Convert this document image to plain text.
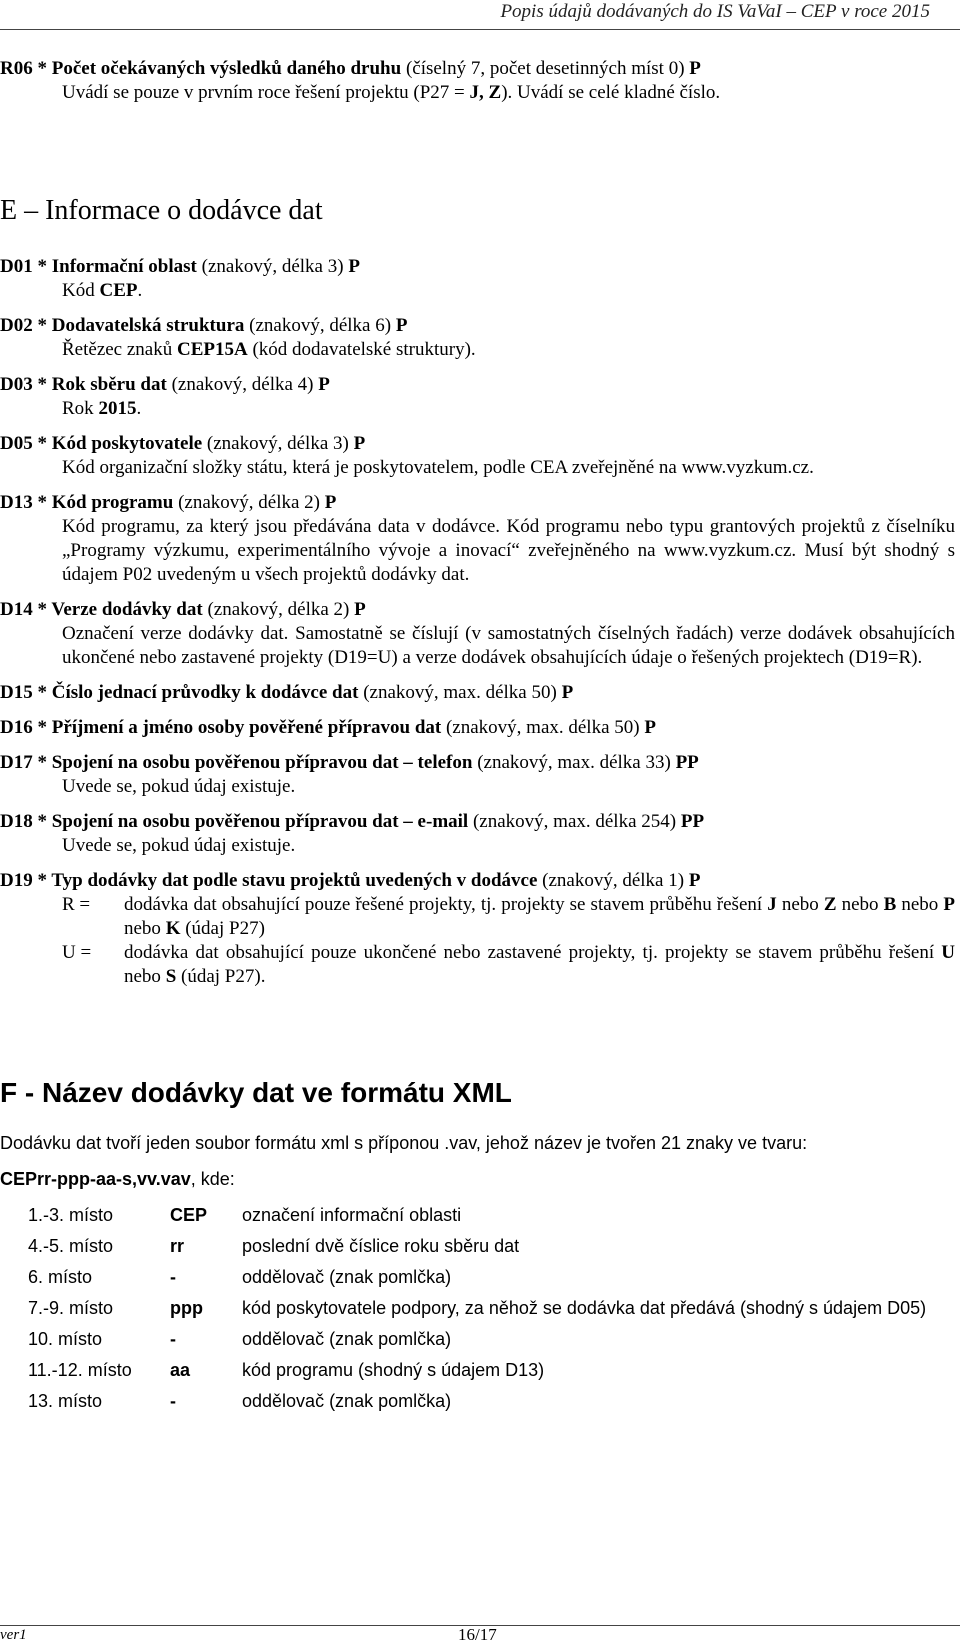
Popis údajů dodávaných do IS VaVaI – CEP v roce 2015

R06 * Počet očekávaných výsledků daného druhu (číselný 7, počet desetinných míst 0) P

Uvádí se pouze v prvním roce řešení projektu (P27 = J, Z). Uvádí se celé kladné číslo.

E – Informace o dodávce dat

D01 * Informační oblast (znakový, délka 3) P

Kód CEP.

D02 * Dodavatelská struktura (znakový, délka 6) P

Řetězec znaků CEP15A (kód dodavatelské struktury).

D03 * Rok sběru dat (znakový, délka 4) P

Rok 2015.

D05 * Kód poskytovatele (znakový, délka 3) P

Kód organizační složky státu, která je poskytovatelem, podle CEA zveřejněné na www.vyzkum.cz.

D13 * Kód programu (znakový, délka 2) P

Kód programu, za který jsou předávána data v dodávce. Kód programu nebo typu grantových projektů z číselníku „Programy výzkumu, experimentálního vývoje a inovací“ zveřejněného na www.vyzkum.cz. Musí být shodný s údajem P02 uvedeným u všech projektů dodávky dat.

D14 * Verze dodávky dat (znakový, délka 2) P

Označení verze dodávky dat. Samostatně se číslují (v samostatných číselných řadách) verze dodávek obsahujících ukončené nebo zastavené projekty (D19=U) a verze dodávek obsahujících údaje o řešených projektech (D19=R).

D15 * Číslo jednací průvodky k dodávce dat (znakový, max. délka 50) P

D16 * Příjmení a jméno osoby pověřené přípravou dat (znakový, max. délka 50) P

D17 * Spojení na osobu pověřenou přípravou dat – telefon (znakový, max. délka 33) PP

Uvede se, pokud údaj existuje.

D18 * Spojení na osobu pověřenou přípravou dat – e-mail (znakový, max. délka 254) PP

Uvede se, pokud údaj existuje.

D19 * Typ dodávky dat podle stavu projektů uvedených v dodávce (znakový, délka 1) P

R =	dodávka dat obsahující pouze řešené projekty, tj. projekty se stavem průběhu řešení J nebo Z nebo B nebo P nebo K (údaj P27)
U =	dodávka dat obsahující pouze ukončené nebo zastavené projekty, tj. projekty se stavem průběhu řešení U nebo S (údaj P27).
F - Název dodávky dat ve formátu XML

Dodávku dat tvoří jeden soubor formátu xml s příponou .vav, jehož název je tvořen 21 znaky ve tvaru:

CEPrr-ppp-aa-s,vv.vav, kde:

1.-3. místo	CEP	označení informační oblasti
4.-5. místo	rr	poslední dvě číslice roku sběru dat
6. místo	-	oddělovač (znak pomlčka)
7.-9. místo	ppp	kód poskytovatele podpory, za něhož se dodávka dat předává (shodný s údajem D05)
10. místo	-	oddělovač (znak pomlčka)
11.-12. místo	aa	kód programu (shodný s údajem D13)
13. místo	-	oddělovač (znak pomlčka)
ver1	16/17
